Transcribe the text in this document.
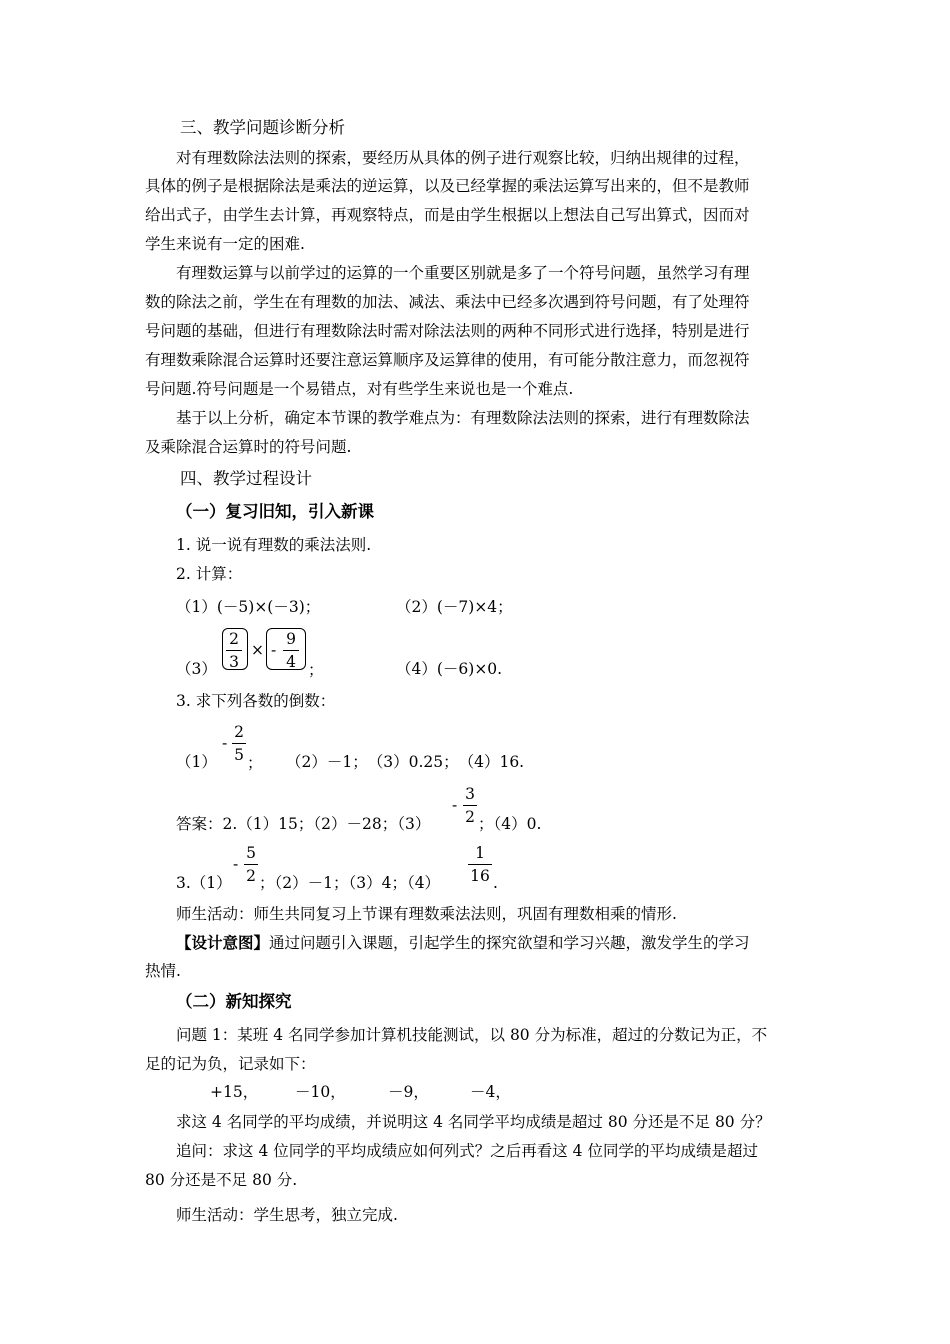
三、教学问题诊断分析
对有理数除法法则的探索，要经历从具体的例子进行观察比较，归纳出规律的过程，
具体的例子是根据除法是乘法的逆运算，以及已经掌握的乘法运算写出来的，但不是教师
给出式子，由学生去计算，再观察特点，而是由学生根据以上想法自己写出算式，因而对
学生来说有一定的困难.
有理数运算与以前学过的运算的一个重要区别就是多了一个符号问题，虽然学习有理
数的除法之前，学生在有理数的加法、减法、乘法中已经多次遇到符号问题，有了处理符
号问题的基础，但进行有理数除法时需对除法法则的两种不同形式进行选择，特别是进行
有理数乘除混合运算时还要注意运算顺序及运算律的使用，有可能分散注意力，而忽视符
号问题.符号问题是一个易错点，对有些学生来说也是一个难点.
基于以上分析，确定本节课的教学难点为：有理数除法法则的探索，进行有理数除法
及乘除混合运算时的符号问题.
四、教学过程设计
（一）复习旧知，引入新课
1. 说一说有理数的乘法法则.
2. 计算：
（1）(－5)×(－3)；	（2）(－7)×4；
$(3) \frac{2}{3}$ × - $\frac{9}{4}$ ；	（4）(－6)×0.
3. 求下列各数的倒数：
（1）
- $\frac{2}{5}$ ； （2）－1；　（3）0.25；　（4）16.
答案：2.（1）15；（2）－28；（3）
- $\frac{3}{2}$ ；（4）0.
3.（1）
- $\frac{5}{2}$ ；（2）－1；（3）4；$(4) \frac{1}{16}$ .
师生活动：师生共同复习上节课有理数乘法法则，巩固有理数相乘的情形.
【设计意图】通过问题引入课题，引起学生的探究欲望和学习兴趣，激发学生的学习
热情.
（二）新知探究
问题 1：某班 4 名同学参加计算机技能测试，以 80 分为标准，超过的分数记为正，不
足的记为负，记录如下：
+15， －10，	－9，	－4，
求这 4 名同学的平均成绩，并说明这 4 名同学平均成绩是超过 80 分还是不足 80 分？
追问：求这 4 位同学的平均成绩应如何列式？之后再看这 4 位同学的平均成绩是超过
80 分还是不足 80 分.
师生活动：学生思考，独立完成.
